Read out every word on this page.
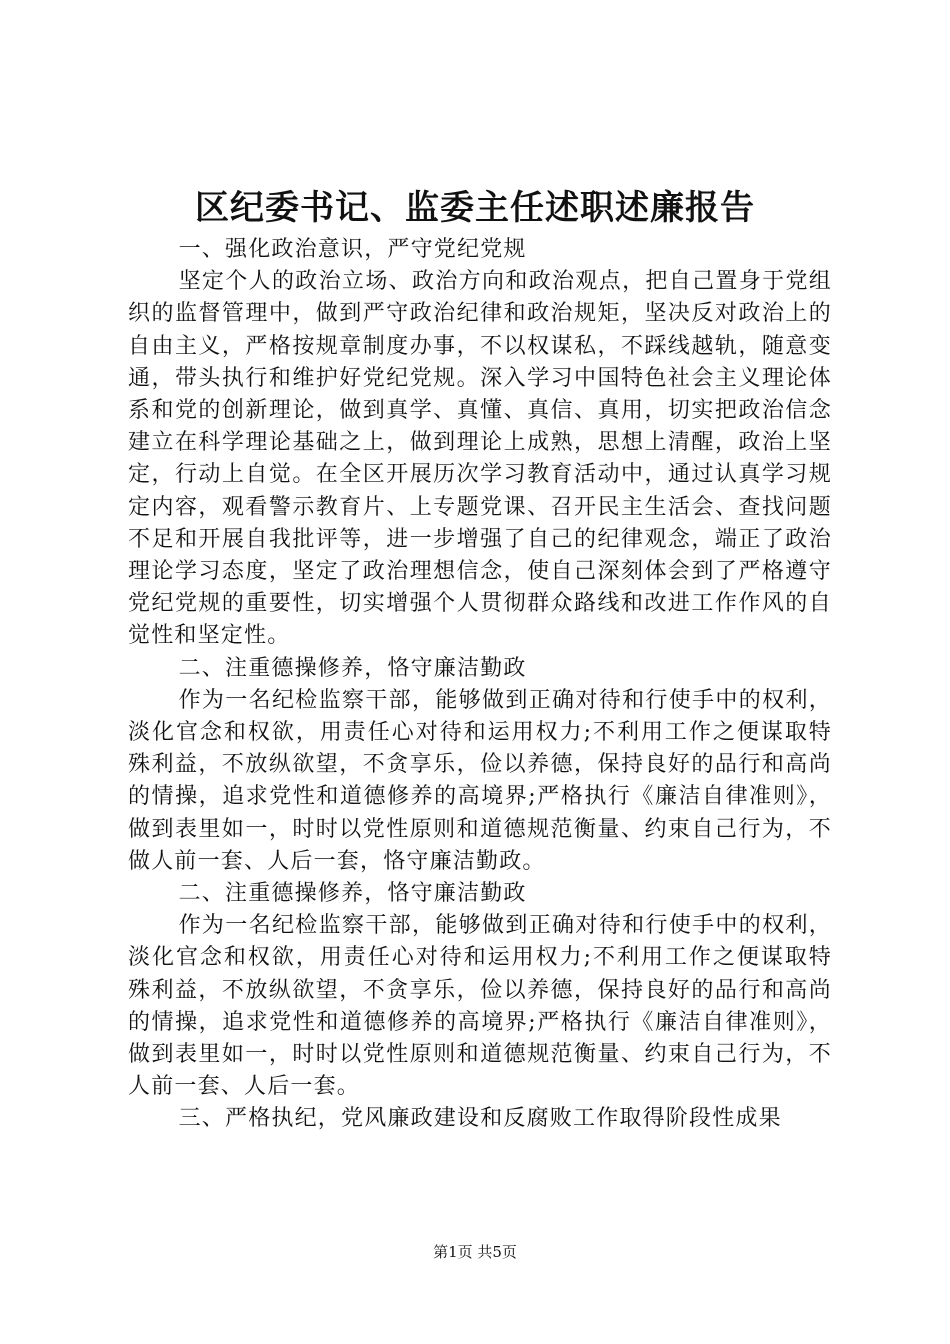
区纪委书记、监委主任述职述廉报告

一、强化政治意识，严守党纪党规

坚定个人的政治立场、政治方向和政治观点，把自己置身于党组织的监督管理中，做到严守政治纪律和政治规矩，坚决反对政治上的自由主义，严格按规章制度办事，不以权谋私，不踩线越轨，随意变通，带头执行和维护好党纪党规。深入学习中国特色社会主义理论体系和党的创新理论，做到真学、真懂、真信、真用，切实把政治信念建立在科学理论基础之上，做到理论上成熟，思想上清醒，政治上坚定，行动上自觉。在全区开展历次学习教育活动中，通过认真学习规定内容，观看警示教育片、上专题党课、召开民主生活会、查找问题不足和开展自我批评等，进一步增强了自己的纪律观念，端正了政治理论学习态度，坚定了政治理想信念，使自己深刻体会到了严格遵守党纪党规的重要性，切实增强个人贯彻群众路线和改进工作作风的自觉性和坚定性。

二、注重德操修养，恪守廉洁勤政

作为一名纪检监察干部，能够做到正确对待和行使手中的权利，淡化官念和权欲，用责任心对待和运用权力;不利用工作之便谋取特殊利益，不放纵欲望，不贪享乐，俭以养德，保持良好的品行和高尚的情操，追求党性和道德修养的高境界;严格执行《廉洁自律准则》，做到表里如一，时时以党性原则和道德规范衡量、约束自己行为，不做人前一套、人后一套，恪守廉洁勤政。

二、注重德操修养，恪守廉洁勤政

作为一名纪检监察干部，能够做到正确对待和行使手中的权利，淡化官念和权欲，用责任心对待和运用权力;不利用工作之便谋取特殊利益，不放纵欲望，不贪享乐，俭以养德，保持良好的品行和高尚的情操，追求党性和道德修养的高境界;严格执行《廉洁自律准则》，做到表里如一，时时以党性原则和道德规范衡量、约束自己行为，不人前一套、人后一套。

三、严格执纪，党风廉政建设和反腐败工作取得阶段性成果

第1页 共5页
